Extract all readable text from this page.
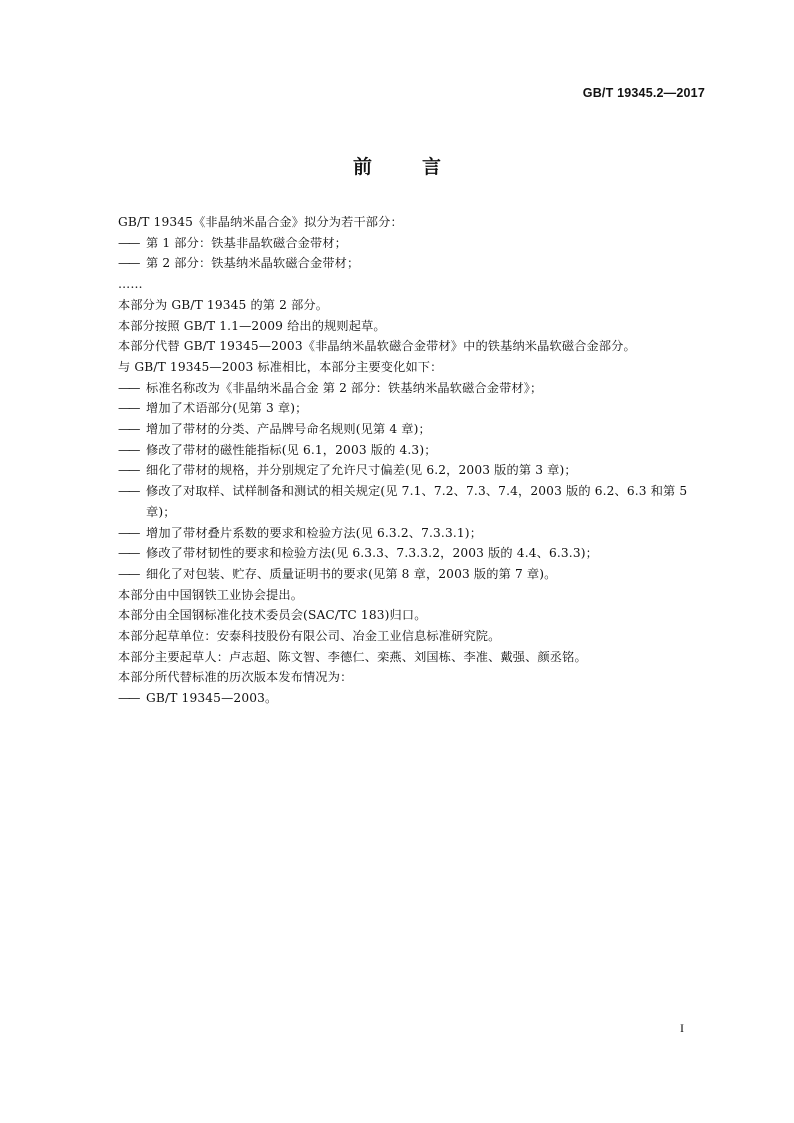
GB/T 19345.2—2017
前	言
GB/T 19345《非晶纳米晶合金》拟分为若干部分：
—— 第 1 部分：铁基非晶软磁合金带材；
—— 第 2 部分：铁基纳米晶软磁合金带材；
……
本部分为 GB/T 19345 的第 2 部分。
本部分按照 GB/T 1.1—2009 给出的规则起草。
本部分代替 GB/T 19345—2003《非晶纳米晶软磁合金带材》中的铁基纳米晶软磁合金部分。
与 GB/T 19345—2003 标准相比，本部分主要变化如下：
—— 标准名称改为《非晶纳米晶合金 第 2 部分：铁基纳米晶软磁合金带材》；
—— 增加了术语部分(见第 3 章)；
—— 增加了带材的分类、产品牌号命名规则(见第 4 章)；
—— 修改了带材的磁性能指标(见 6.1，2003 版的 4.3)；
—— 细化了带材的规格，并分别规定了允许尺寸偏差(见 6.2，2003 版的第 3 章)；
—— 修改了对取样、试样制备和测试的相关规定(见 7.1、7.2、7.3、7.4，2003 版的 6.2、6.3 和第 5 章)；
—— 增加了带材叠片系数的要求和检验方法(见 6.3.2、7.3.3.1)；
—— 修改了带材韧性的要求和检验方法(见 6.3.3、7.3.3.2，2003 版的 4.4、6.3.3)；
—— 细化了对包装、贮存、质量证明书的要求(见第 8 章，2003 版的第 7 章)。
本部分由中国钢铁工业协会提出。
本部分由全国钢标准化技术委员会(SAC/TC 183)归口。
本部分起草单位：安泰科技股份有限公司、冶金工业信息标准研究院。
本部分主要起草人：卢志超、陈文智、李德仁、栾燕、刘国栋、李准、戴强、颜丞铭。
本部分所代替标准的历次版本发布情况为：
—— GB/T 19345—2003。
I
